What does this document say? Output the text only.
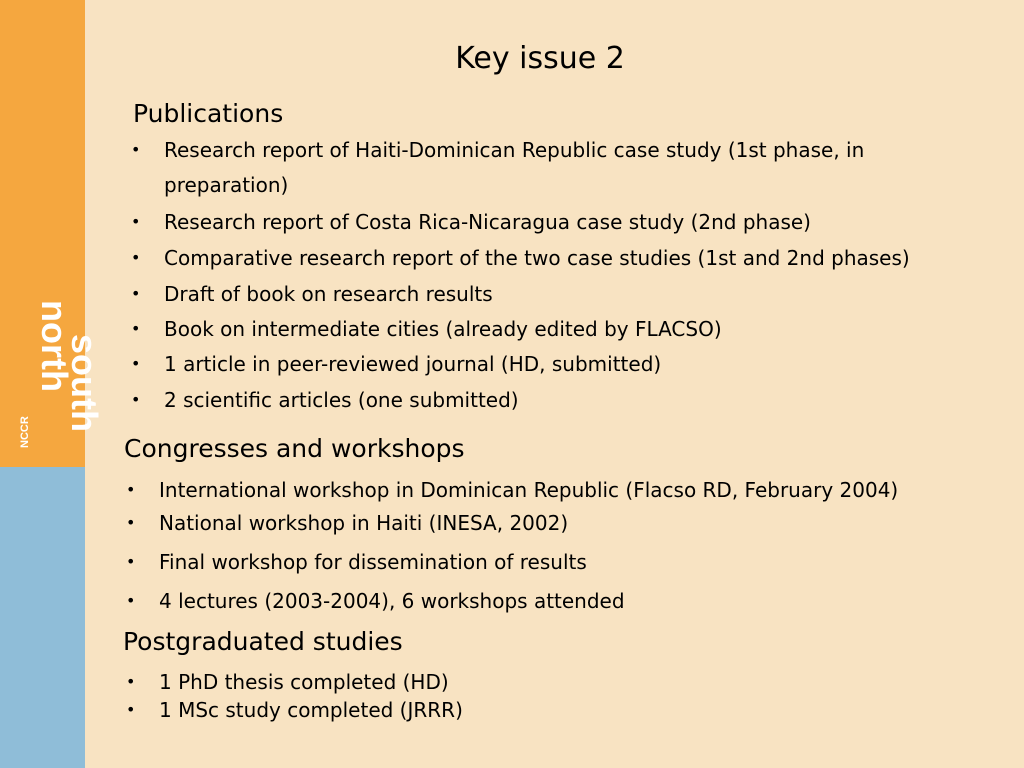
north
south
NCCR
Key issue 2
Publications
• Research report of Haiti-Dominican Republic case study (1st phase, in
preparation)
• Research report of Costa Rica-Nicaragua case study (2nd phase)
• Comparative research report of the two case studies (1st and 2nd phases)
• Draft of book on research results
• Book on intermediate cities (already edited by FLACSO)
• 1 article in peer-reviewed journal (HD, submitted)
• 2 scientific articles (one submitted)
Congresses and workshops
• International workshop in Dominican Republic (Flacso RD, February 2004)
• National workshop in Haiti (INESA, 2002)
• Final workshop for dissemination of results
• 4 lectures (2003-2004), 6 workshops attended
Postgraduated studies
• 1 PhD thesis completed (HD)
• 1 MSc study completed (JRRR)
